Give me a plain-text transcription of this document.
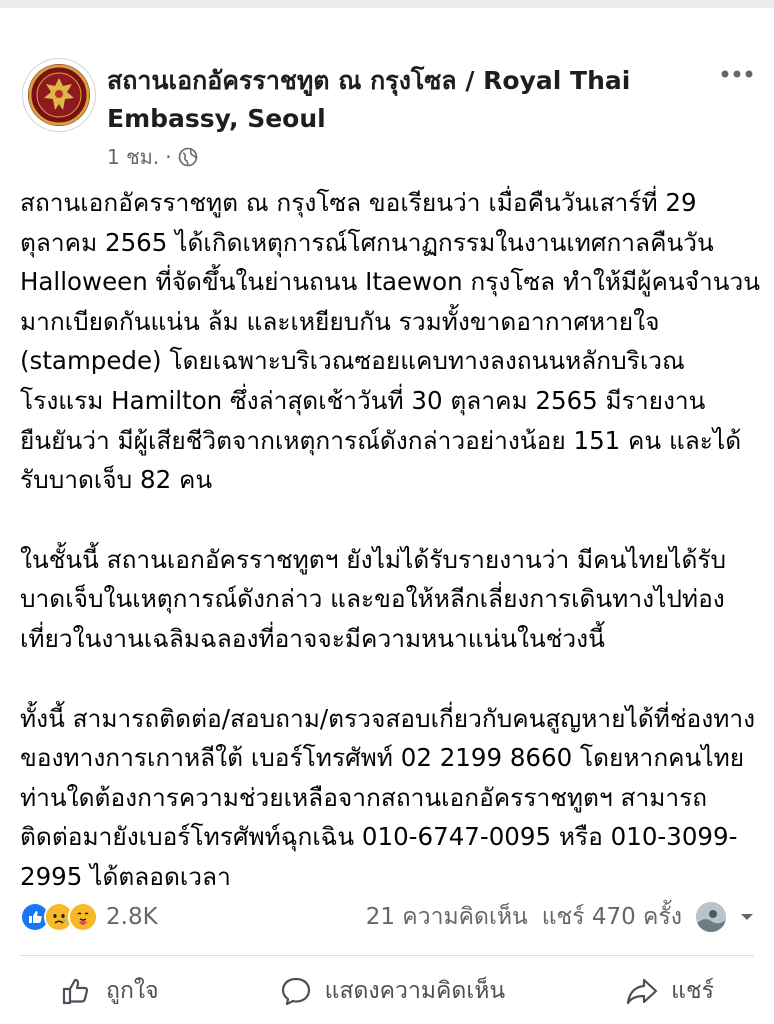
สถานเอกอัครราชทูต ณ กรุงโซล / Royal Thai Embassy, Seoul
1 ชม. ·

สถานเอกอัครราชทูต ณ กรุงโซล ขอเรียนว่า เมื่อคืนวันเสาร์ที่ 29 ตุลาคม 2565 ได้เกิดเหตุการณ์โศกนาฏกรรมในงานเทศกาลคืนวัน Halloween ที่จัดขึ้นในย่านถนน Itaewon กรุงโซล ทำให้มีผู้คนจำนวนมากเบียดกันแน่น ล้ม และเหยียบกัน รวมทั้งขาดอากาศหายใจ (stampede) โดยเฉพาะบริเวณซอยแคบทางลงถนนหลักบริเวณโรงแรม Hamilton ซึ่งล่าสุดเช้าวันที่ 30 ตุลาคม 2565 มีรายงานยืนยันว่า มีผู้เสียชีวิตจากเหตุการณ์ดังกล่าวอย่างน้อย 151 คน และได้รับบาดเจ็บ 82 คน

ในชั้นนี้ สถานเอกอัครราชทูตฯ ยังไม่ได้รับรายงานว่า มีคนไทยได้รับบาดเจ็บในเหตุการณ์ดังกล่าว และขอให้หลีกเลี่ยงการเดินทางไปท่องเที่ยวในงานเฉลิมฉลองที่อาจจะมีความหนาแน่นในช่วงนี้

ทั้งนี้ สามารถติดต่อ/สอบถาม/ตรวจสอบเกี่ยวกับคนสูญหายได้ที่ช่องทางของทางการเกาหลีใต้ เบอร์โทรศัพท์ 02 2199 8660 โดยหากคนไทยท่านใดต้องการความช่วยเหลือจากสถานเอกอัครราชทูตฯ สามารถติดต่อมายังเบอร์โทรศัพท์ฉุกเฉิน 010-6747-0095 หรือ 010-3099-2995 ได้ตลอดเวลา

2.8K	21 ความคิดเห็น แชร์ 470 ครั้ง
ถูกใจ	แสดงความคิดเห็น	แชร์
